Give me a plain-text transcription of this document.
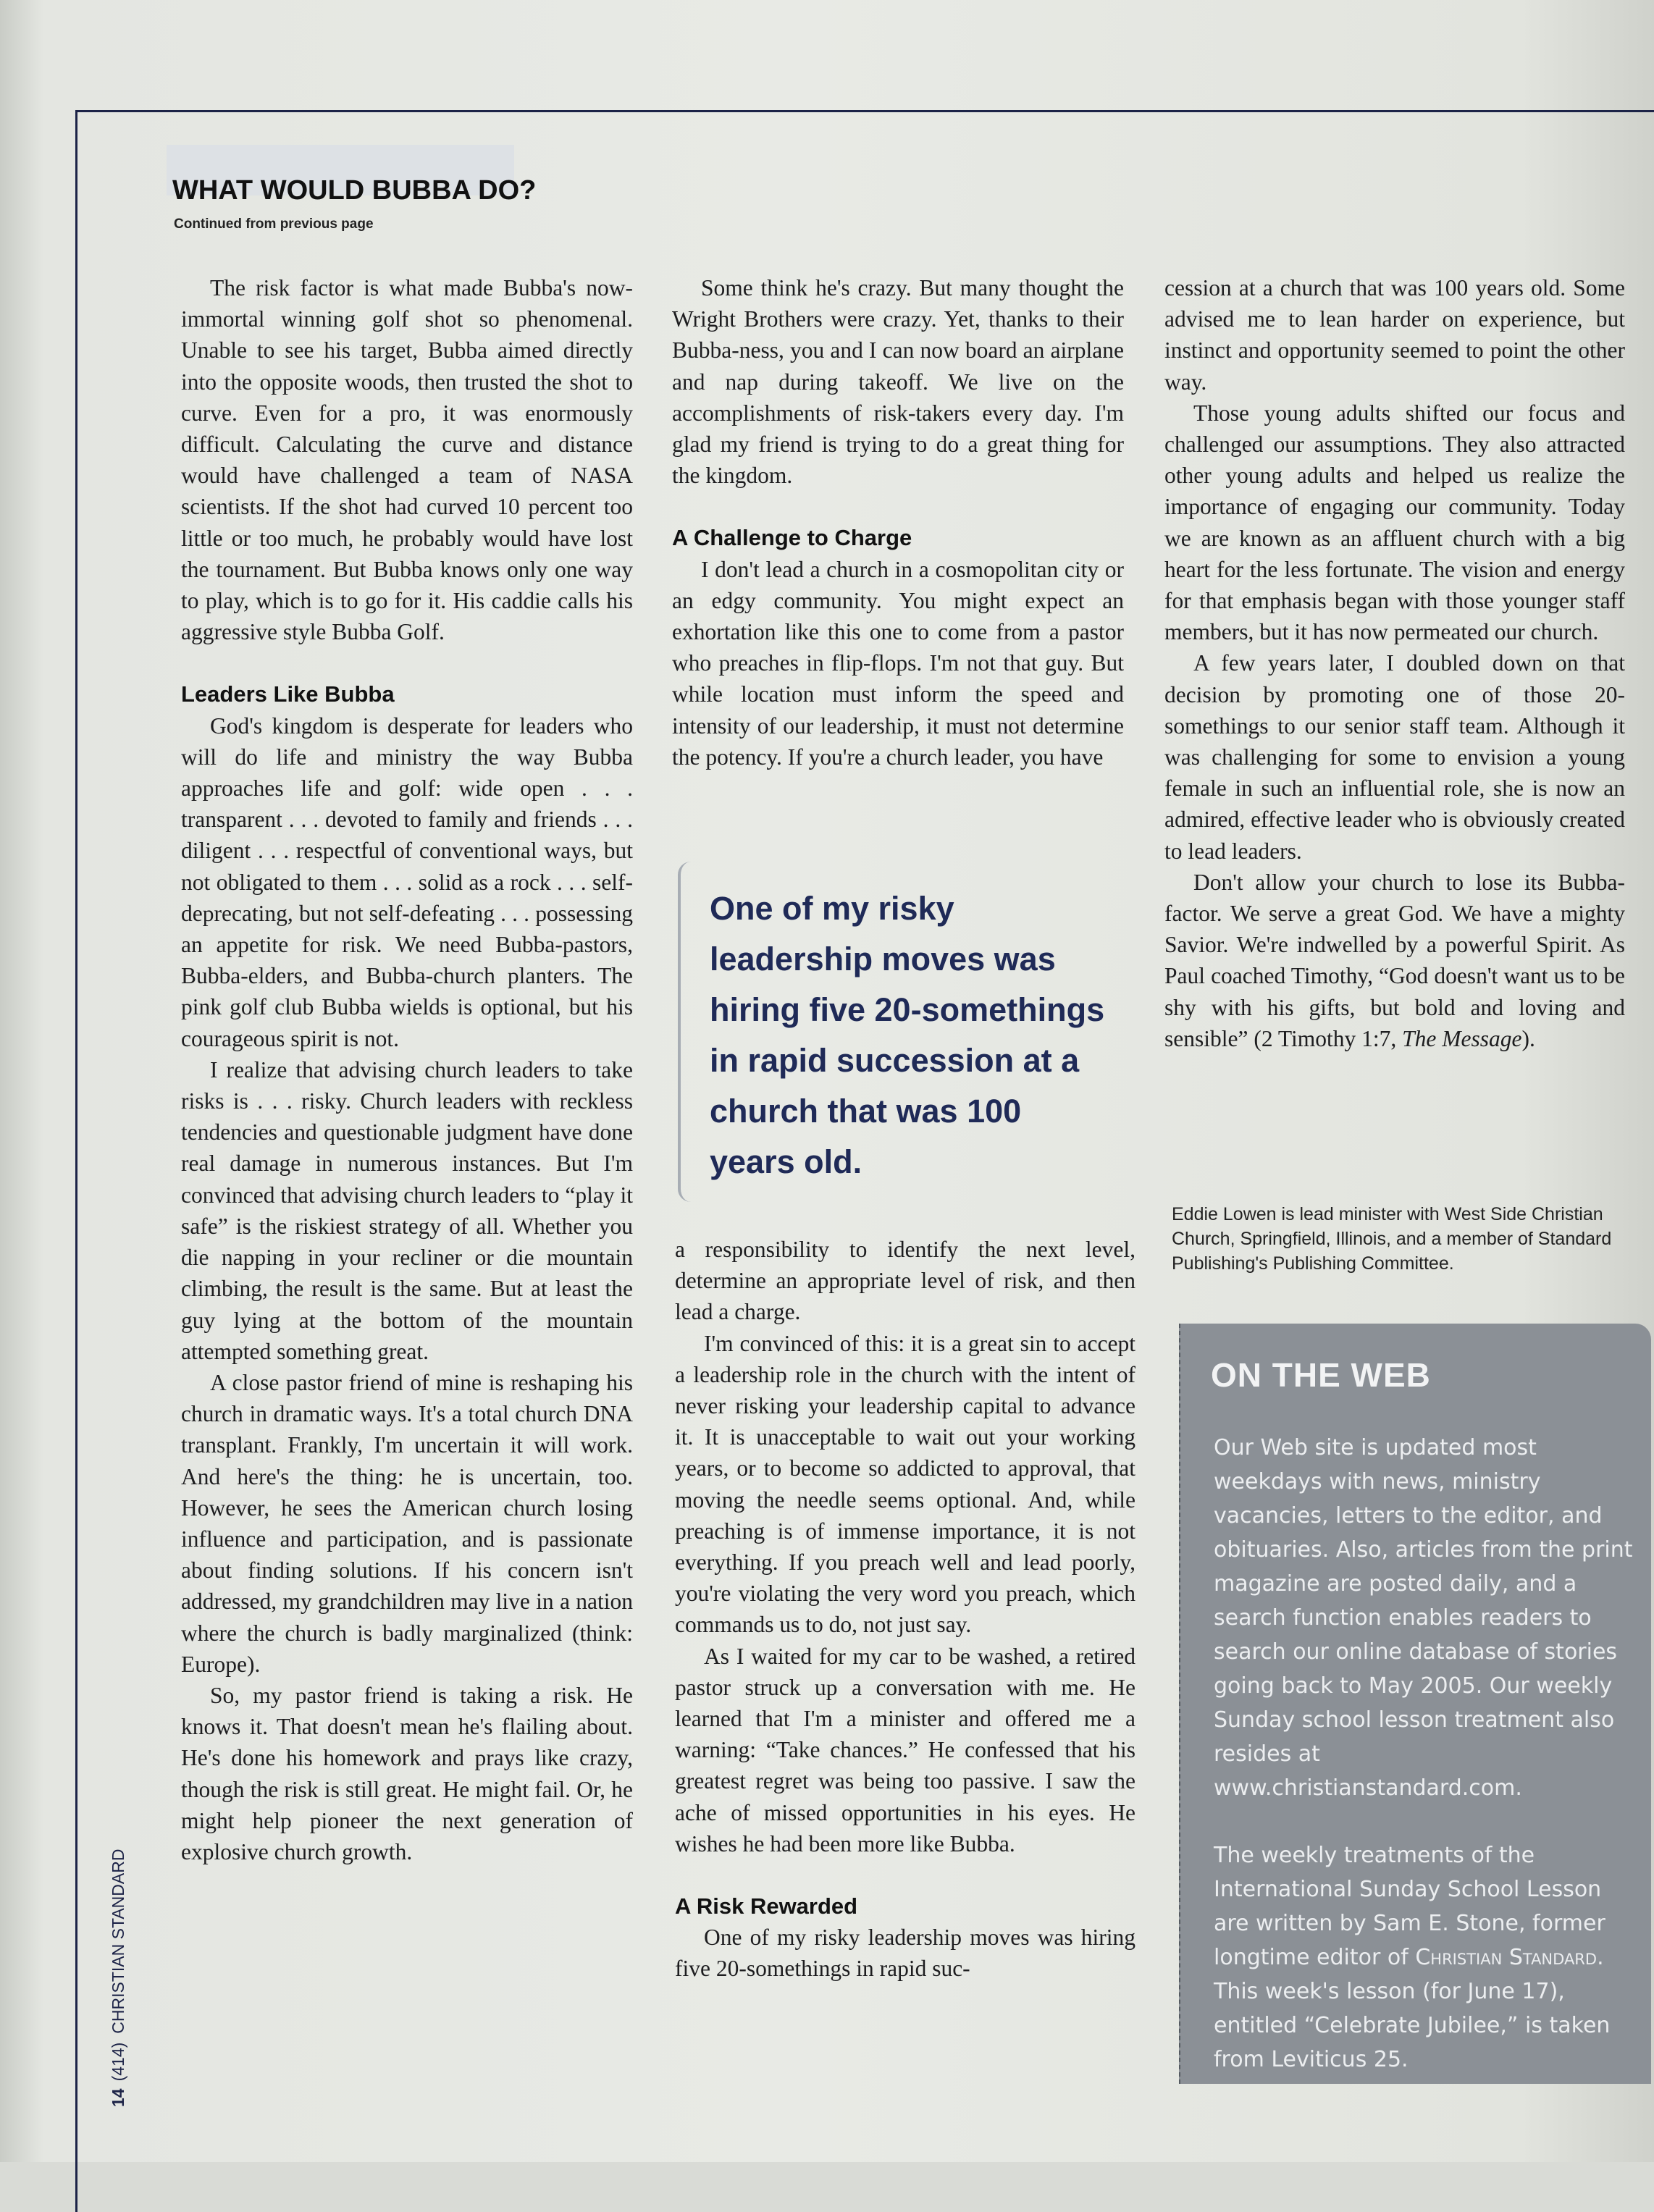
WHAT WOULD BUBBA DO?
Continued from previous page

The risk factor is what made Bubba's now-immortal winning golf shot so phenomenal. Unable to see his target, Bubba aimed directly into the opposite woods, then trusted the shot to curve. Even for a pro, it was enormously difficult. Calculating the curve and distance would have challenged a team of NASA scientists. If the shot had curved 10 percent too little or too much, he probably would have lost the tournament. But Bubba knows only one way to play, which is to go for it. His caddie calls his aggressive style Bubba Golf.

Leaders Like Bubba

God's kingdom is desperate for leaders who will do life and ministry the way Bubba approaches life and golf: wide open . . . transparent . . . devoted to family and friends . . . diligent . . . respectful of conventional ways, but not obligated to them . . . solid as a rock . . . self-deprecating, but not self-defeating . . . possessing an appetite for risk. We need Bubba-pastors, Bubba-elders, and Bubba-church planters. The pink golf club Bubba wields is optional, but his courageous spirit is not.

I realize that advising church leaders to take risks is . . . risky. Church leaders with reckless tendencies and questionable judgment have done real damage in numerous instances. But I'm convinced that advising church leaders to “play it safe” is the riskiest strategy of all. Whether you die napping in your recliner or die mountain climbing, the result is the same. But at least the guy lying at the bottom of the mountain attempted something great.

A close pastor friend of mine is reshaping his church in dramatic ways. It's a total church DNA transplant. Frankly, I'm uncertain it will work. And here's the thing: he is uncertain, too. However, he sees the American church losing influence and participation, and is passionate about finding solutions. If his concern isn't addressed, my grandchildren may live in a nation where the church is badly marginalized (think: Europe).

So, my pastor friend is taking a risk. He knows it. That doesn't mean he's flailing about. He's done his homework and prays like crazy, though the risk is still great. He might fail. Or, he might help pioneer the next generation of explosive church growth.

Some think he's crazy. But many thought the Wright Brothers were crazy. Yet, thanks to their Bubba-ness, you and I can now board an airplane and nap during takeoff. We live on the accomplishments of risk-takers every day. I'm glad my friend is trying to do a great thing for the kingdom.

A Challenge to Charge

I don't lead a church in a cosmopolitan city or an edgy community. You might expect an exhortation like this one to come from a pastor who preaches in flip-flops. I'm not that guy. But while location must inform the speed and intensity of our leadership, it must not determine the potency. If you're a church leader, you have

One of my risky leadership moves was hiring five 20-somethings in rapid succession at a church that was 100 years old.

a responsibility to identify the next level, determine an appropriate level of risk, and then lead a charge.

I'm convinced of this: it is a great sin to accept a leadership role in the church with the intent of never risking your leadership capital to advance it. It is unacceptable to wait out your working years, or to become so addicted to approval, that moving the needle seems optional. And, while preaching is of immense importance, it is not everything. If you preach well and lead poorly, you're violating the very word you preach, which commands us to do, not just say.

As I waited for my car to be washed, a retired pastor struck up a conversation with me. He learned that I'm a minister and offered me a warning: “Take chances.” He confessed that his greatest regret was being too passive. I saw the ache of missed opportunities in his eyes. He wishes he had been more like Bubba.

A Risk Rewarded

One of my risky leadership moves was hiring five 20-somethings in rapid suc-

cession at a church that was 100 years old. Some advised me to lean harder on experience, but instinct and opportunity seemed to point the other way.

Those young adults shifted our focus and challenged our assumptions. They also attracted other young adults and helped us realize the importance of engaging our community. Today we are known as an affluent church with a big heart for the less fortunate. The vision and energy for that emphasis began with those younger staff members, but it has now permeated our church.

A few years later, I doubled down on that decision by promoting one of those 20-somethings to our senior staff team. Although it was challenging for some to envision a young female in such an influential role, she is now an admired, effective leader who is obviously created to lead leaders.

Don't allow your church to lose its Bubba-factor. We serve a great God. We have a mighty Savior. We're indwelled by a powerful Spirit. As Paul coached Timothy, “God doesn't want us to be shy with his gifts, but bold and loving and sensible” (2 Timothy 1:7, The Message).

Eddie Lowen is lead minister with West Side Christian Church, Springfield, Illinois, and a member of Standard Publishing's Publishing Committee.
ON THE WEB

Our Web site is updated most weekdays with news, ministry vacancies, letters to the editor, and obituaries. Also, articles from the print magazine are posted daily, and a search function enables readers to search our online database of stories going back to May 2005. Our weekly Sunday school lesson treatment also resides at www.christianstandard.com.

The weekly treatments of the International Sunday School Lesson are written by Sam E. Stone, former longtime editor of Christian Standard. This week's lesson (for June 17), entitled “Celebrate Jubilee,” is taken from Leviticus 25.

14(414)CHRISTIAN STANDARD
